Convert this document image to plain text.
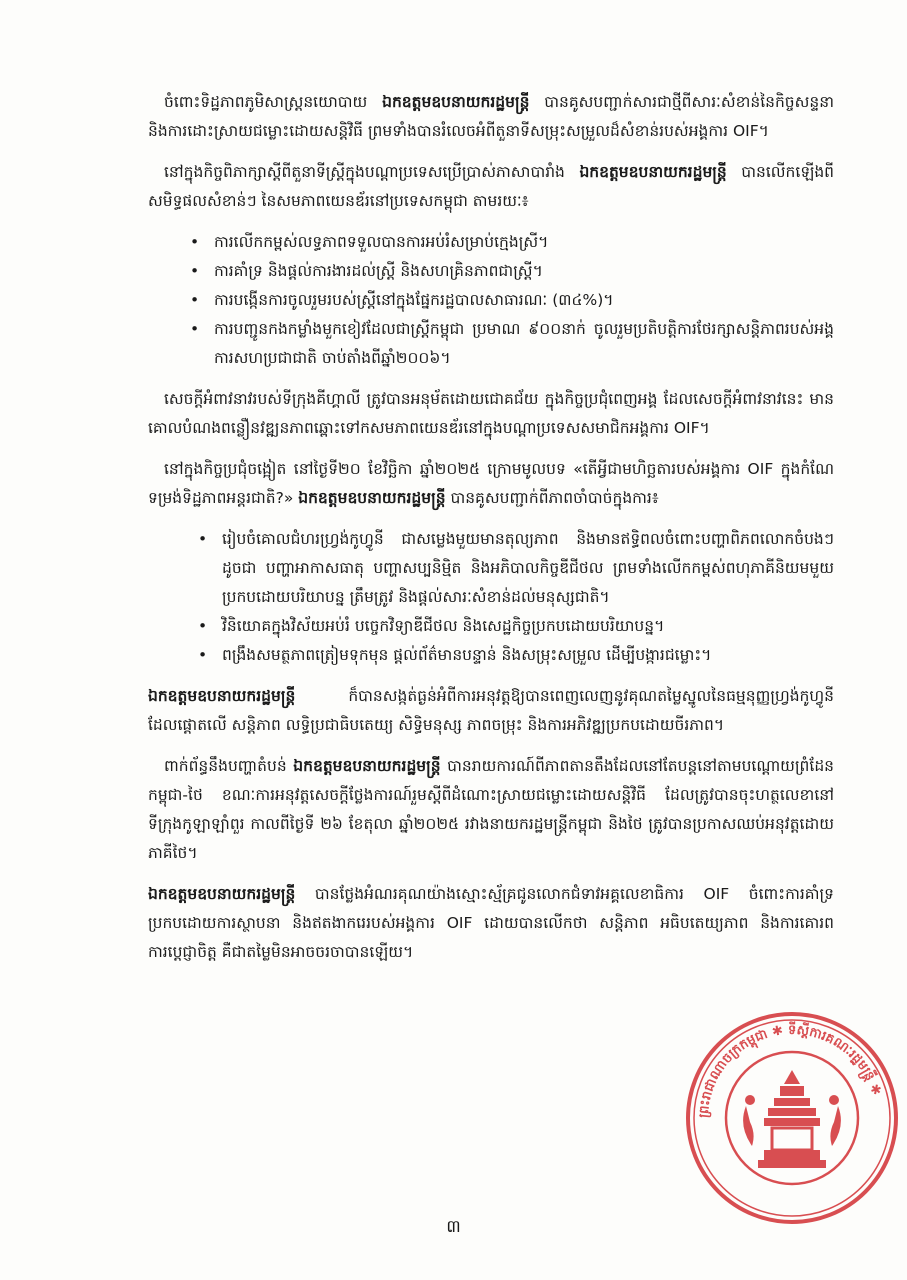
ចំពោះទិដ្ឋភាពភូមិសាស្ត្រនយោបាយ ឯកឧត្តមឧបនាយករដ្ឋមន្ត្រី បានគូសបញ្ជាក់សារជាថ្មីពីសារៈសំខាន់នៃកិច្ចសន្ទនា និងការដោះស្រាយជម្លោះដោយសន្តិវិធី ព្រមទាំងបានរំលេចអំពីតួនាទីសម្រុះសម្រួលដ៏សំខាន់របស់អង្គការ OIF។

នៅក្នុងកិច្ចពិភាក្សាស្តីពីតួនាទីស្ត្រីក្នុងបណ្តាប្រទេសប្រើប្រាស់ភាសាបារាំង ឯកឧត្តមឧបនាយករដ្ឋមន្ត្រី បានលើកឡើងពីសមិទ្ធផលសំខាន់ៗ នៃសមភាពយេនឌ័រនៅប្រទេសកម្ពុជា តាមរយៈ៖

• ការលើកកម្ពស់លទ្ធភាពទទួលបានការអប់រំសម្រាប់ក្មេងស្រី។
• ការគាំទ្រ និងផ្តល់ការងារដល់ស្ត្រី និងសហគ្រិនភាពជាស្ត្រី។
• ការបង្កើនការចូលរួមរបស់ស្ត្រីនៅក្នុងផ្នែករដ្ឋបាលសាធារណៈ (៣៤%)។
• ការបញ្ជូនកងកម្លាំងមួកខៀវដែលជាស្ត្រីកម្ពុជា ប្រមាណ ៩០០នាក់ ចូលរួមប្រតិបត្តិការថែរក្សាសន្តិភាពរបស់អង្គការសហប្រជាជាតិ ចាប់តាំងពីឆ្នាំ២០០៦។

សេចក្តីអំពាវនាវរបស់ទីក្រុងគីហ្គាលី ត្រូវបានអនុម័តដោយជោគជ័យ ក្នុងកិច្ចប្រជុំពេញអង្គ ដែលសេចក្តីអំពាវនាវនេះ មានគោលបំណងពន្លឿនវឌ្ឍនភាពឆ្ពោះទៅកសមភាពយេនឌ័រនៅក្នុងបណ្តាប្រទេសសមាជិកអង្គការ OIF។

នៅក្នុងកិច្ចប្រជុំចង្អៀត នៅថ្ងៃទី២០ ខែវិច្ឆិកា ឆ្នាំ២០២៥ ក្រោមមូលបទ «តើអ្វីជាមហិច្ឆតារបស់អង្គការ OIF ក្នុងកំណែទម្រង់ទិដ្ឋភាពអន្តរជាតិ?» ឯកឧត្តមឧបនាយករដ្ឋមន្ត្រី បានគូសបញ្ជាក់ពីភាពចាំបាច់ក្នុងការ៖

• រៀបចំគោលជំហរហ្វ្រង់កូហ្វូនី ជាសម្លេងមួយមានតុល្យភាព និងមានឥទ្ធិពលចំពោះបញ្ហាពិភពលោកចំបងៗ ដូចជា បញ្ហាអាកាសធាតុ បញ្ហាសប្បនិម្មិត និងអភិបាលកិច្ចឌីជីថល ព្រមទាំងលើកកម្ពស់ពហុភាគីនិយមមួយប្រកបដោយបរិយាបន្ន ត្រឹមត្រូវ និងផ្តល់សារៈសំខាន់ដល់មនុស្សជាតិ។
• វិនិយោគក្នុងវិស័យអប់រំ បច្ចេកវិទ្យាឌីជីថល និងសេដ្ឋកិច្ចប្រកបដោយបរិយាបន្ន។
• ពង្រឹងសមត្ថភាពត្រៀមទុកមុន ផ្តល់ព័ត៌មានបន្ទាន់ និងសម្រុះសម្រួល ដើម្បីបង្ការជម្លោះ។

ឯកឧត្តមឧបនាយករដ្ឋមន្ត្រី ក៏បានសង្កត់ធ្ងន់អំពីការអនុវត្តឱ្យបានពេញលេញនូវគុណតម្លៃស្នូលនៃធម្មនុញ្ញហ្វ្រង់កូហ្វូនី ដែលផ្តោតលើ សន្តិភាព លទ្ធិប្រជាធិបតេយ្យ សិទ្ធិមនុស្ស ភាពចម្រុះ និងការអភិវឌ្ឍប្រកបដោយចីរភាព។

ពាក់ព័ន្ធនឹងបញ្ហាតំបន់ ឯកឧត្តមឧបនាយករដ្ឋមន្ត្រី បានរាយការណ៍ពីភាពតានតឹងដែលនៅតែបន្តនៅតាមបណ្តោយព្រំដែនកម្ពុជា-ថៃ ខណៈការអនុវត្តសេចក្តីថ្លែងការណ៍រួមស្តីពីដំណោះស្រាយជម្លោះដោយសន្តិវិធី ដែលត្រូវបានចុះហត្ថលេខានៅទីក្រុងកូឡាឡាំពួរ កាលពីថ្ងៃទី ២៦ ខែតុលា ឆ្នាំ២០២៥ រវាងនាយករដ្ឋមន្ត្រីកម្ពុជា និងថៃ ត្រូវបានប្រកាសឈប់អនុវត្តដោយភាគីថៃ។

ឯកឧត្តមឧបនាយករដ្ឋមន្ត្រី បានថ្លែងអំណរគុណយ៉ាងស្មោះស្ម័គ្រជូនលោកជំទាវអគ្គលេខាធិការ OIF ចំពោះការគាំទ្រប្រកបដោយការស្ថាបនា និងឥតងាករេរបស់អង្គការ OIF ដោយបានលើកថា សន្តិភាព អធិបតេយ្យភាព និងការគោរពការប្តេជ្ញាចិត្ត គឺជាតម្លៃមិនអាចចរចាបានឡើយ។

៣
ព្រះរាជាណាចក្រកម្ពុជា ✱ ទីស្តីការគណៈរដ្ឋមន្ត្រី ✱
